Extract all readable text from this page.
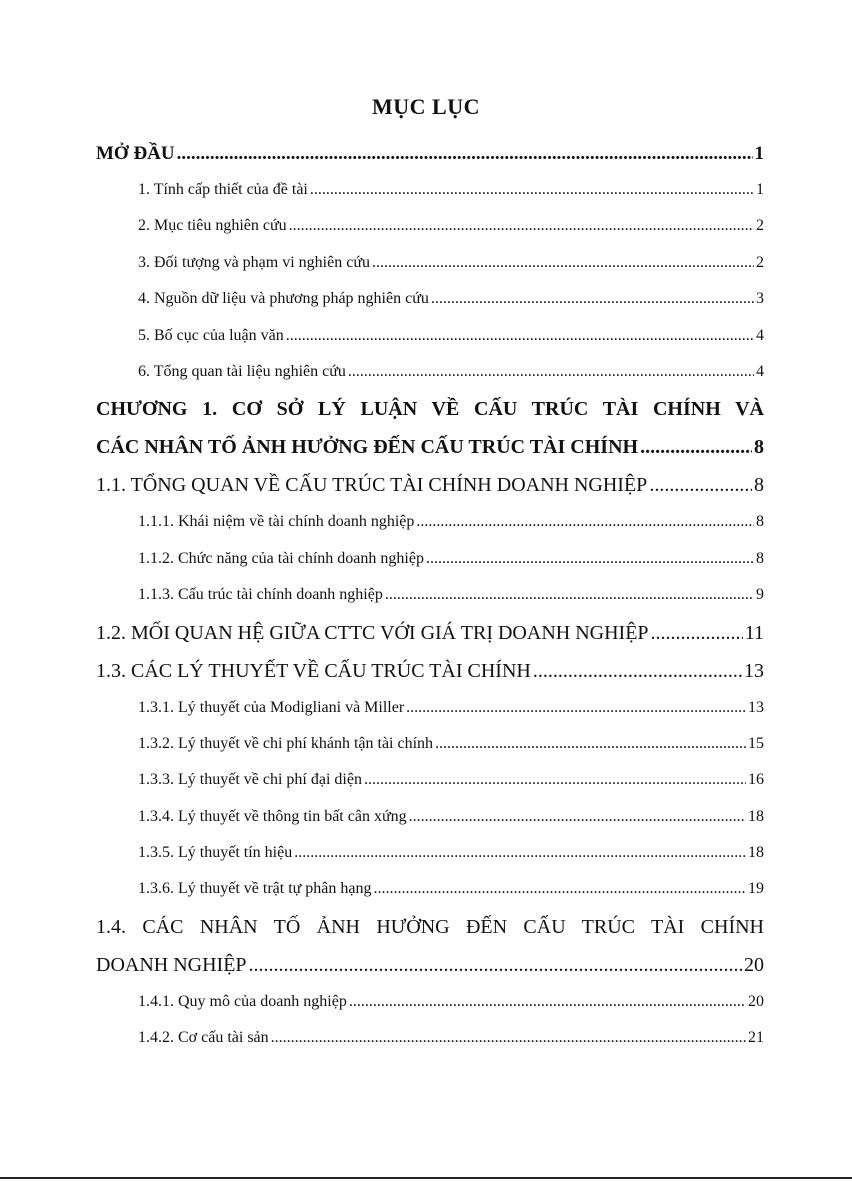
MỤC LỤC
MỞ ĐẦU .....	1
1. Tính cấp thiết của đề tài .....	1
2. Mục tiêu nghiên cứu .....	2
3. Đối tượng và phạm vi nghiên cứu .....	2
4. Nguồn dữ liệu và phương pháp nghiên cứu .....	3
5. Bố cục của luận văn .....	4
6. Tổng quan tài liệu nghiên cứu .....	4
CHƯƠNG 1. CƠ SỞ LÝ LUẬN VỀ CẤU TRÚC TÀI CHÍNH VÀ
CÁC NHÂN TỐ ẢNH HƯỞNG ĐẾN CẤU TRÚC TÀI CHÍNH .....	8
1.1. TỔNG QUAN VỀ CẤU TRÚC TÀI CHÍNH DOANH NGHIỆP .....	8
1.1.1. Khái niệm về tài chính doanh nghiệp .....	8
1.1.2. Chức năng của tài chính doanh nghiệp .....	8
1.1.3. Cấu trúc tài chính doanh nghiệp .....	9
1.2. MỐI QUAN HỆ GIỮA CTTC VỚI GIÁ TRỊ DOANH NGHIỆP .....	11
1.3. CÁC LÝ THUYẾT VỀ CẤU TRÚC TÀI CHÍNH .....	13
1.3.1. Lý thuyết của Modigliani và Miller .....	13
1.3.2. Lý thuyết về chi phí khánh tận tài chính .....	15
1.3.3. Lý thuyết về chi phí đại diện .....	16
1.3.4. Lý thuyết về thông tin bất cân xứng .....	18
1.3.5. Lý thuyết tín hiệu .....	18
1.3.6. Lý thuyết về trật tự phân hạng .....	19
1.4. CÁC NHÂN TỐ ẢNH HƯỞNG ĐẾN CẤU TRÚC TÀI CHÍNH
DOANH NGHIỆP .....	20
1.4.1. Quy mô của doanh nghiệp .....	20
1.4.2. Cơ cấu tài sản .....	21
